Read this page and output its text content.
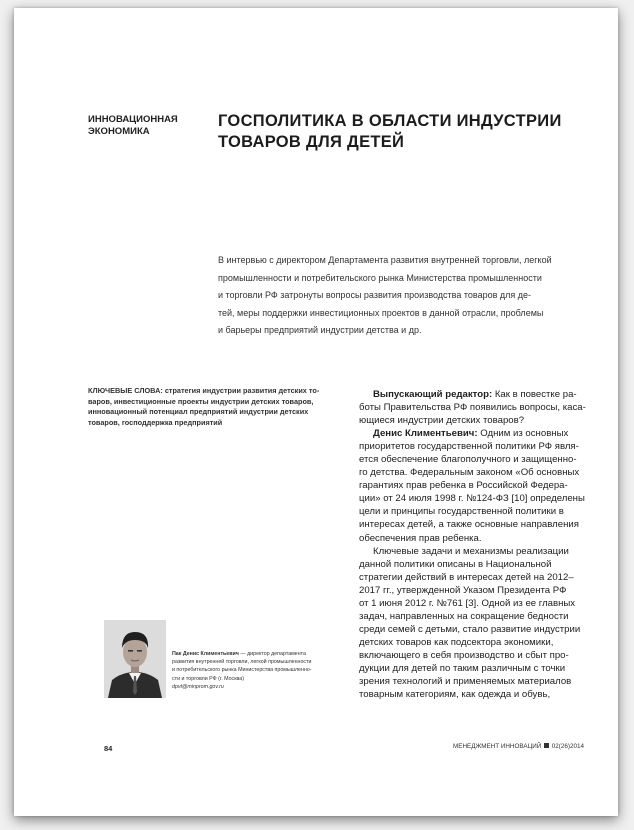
ИННОВАЦИОННАЯ
ЭКОНОМИКА
ГОСПОЛИТИКА В ОБЛАСТИ ИНДУСТРИИ
ТОВАРОВ ДЛЯ ДЕТЕЙ
В интервью с директором Департамента развития внутренней торговли, легкой
промышленности и потребительского рынка Министерства промышленности
и торговли РФ затронуты вопросы развития производства товаров для де-
тей, меры поддержки инвестиционных проектов в данной отрасли, проблемы
и барьеры предприятий индустрии детства и др.
КЛЮЧЕВЫЕ СЛОВА: стратегия индустрии развития детских то-
варов, инвестиционные проекты индустрии детских товаров,
инновационный потенциал предприятий индустрии детских
товаров, господдержка предприятий
Выпускающий редактор: Как в повестке ра-
боты Правительства РФ появились вопросы, каса-
ющиеся индустрии детских товаров?
Денис Климентьевич: Одним из основных
приоритетов государственной политики РФ явля-
ется обеспечение благополучного и защищенно-
го детства. Федеральным законом «Об основных
гарантиях прав ребенка в Российской Федера-
ции» от 24 июля 1998 г. №124-ФЗ [10] определены
цели и принципы государственной политики в
интересах детей, а также основные направления
обеспечения прав ребенка.
Ключевые задачи и механизмы реализации
данной политики описаны в Национальной
стратегии действий в интересах детей на 2012–
2017 гг., утвержденной Указом Президента РФ
от 1 июня 2012 г. №761 [3]. Одной из ее главных
задач, направленных на сокращение бедности
среди семей с детьми, стало развитие индустрии
детских товаров как подсектора экономики,
включающего в себя производство и сбыт про-
дукции для детей по таким различным с точки
зрения технологий и применяемых материалов
товарным категориям, как одежда и обувь,
Пак Денис Климентьевич — директор департамента
развития внутренней торговли, легкой промышленности
и потребительского рынка Министерства промышленно-
сти и торговли РФ (г. Москва)
dpvt@minprom.gov.ru
84	МЕНЕДЖМЕНТ ИННОВАЦИЙ 02(26)2014
